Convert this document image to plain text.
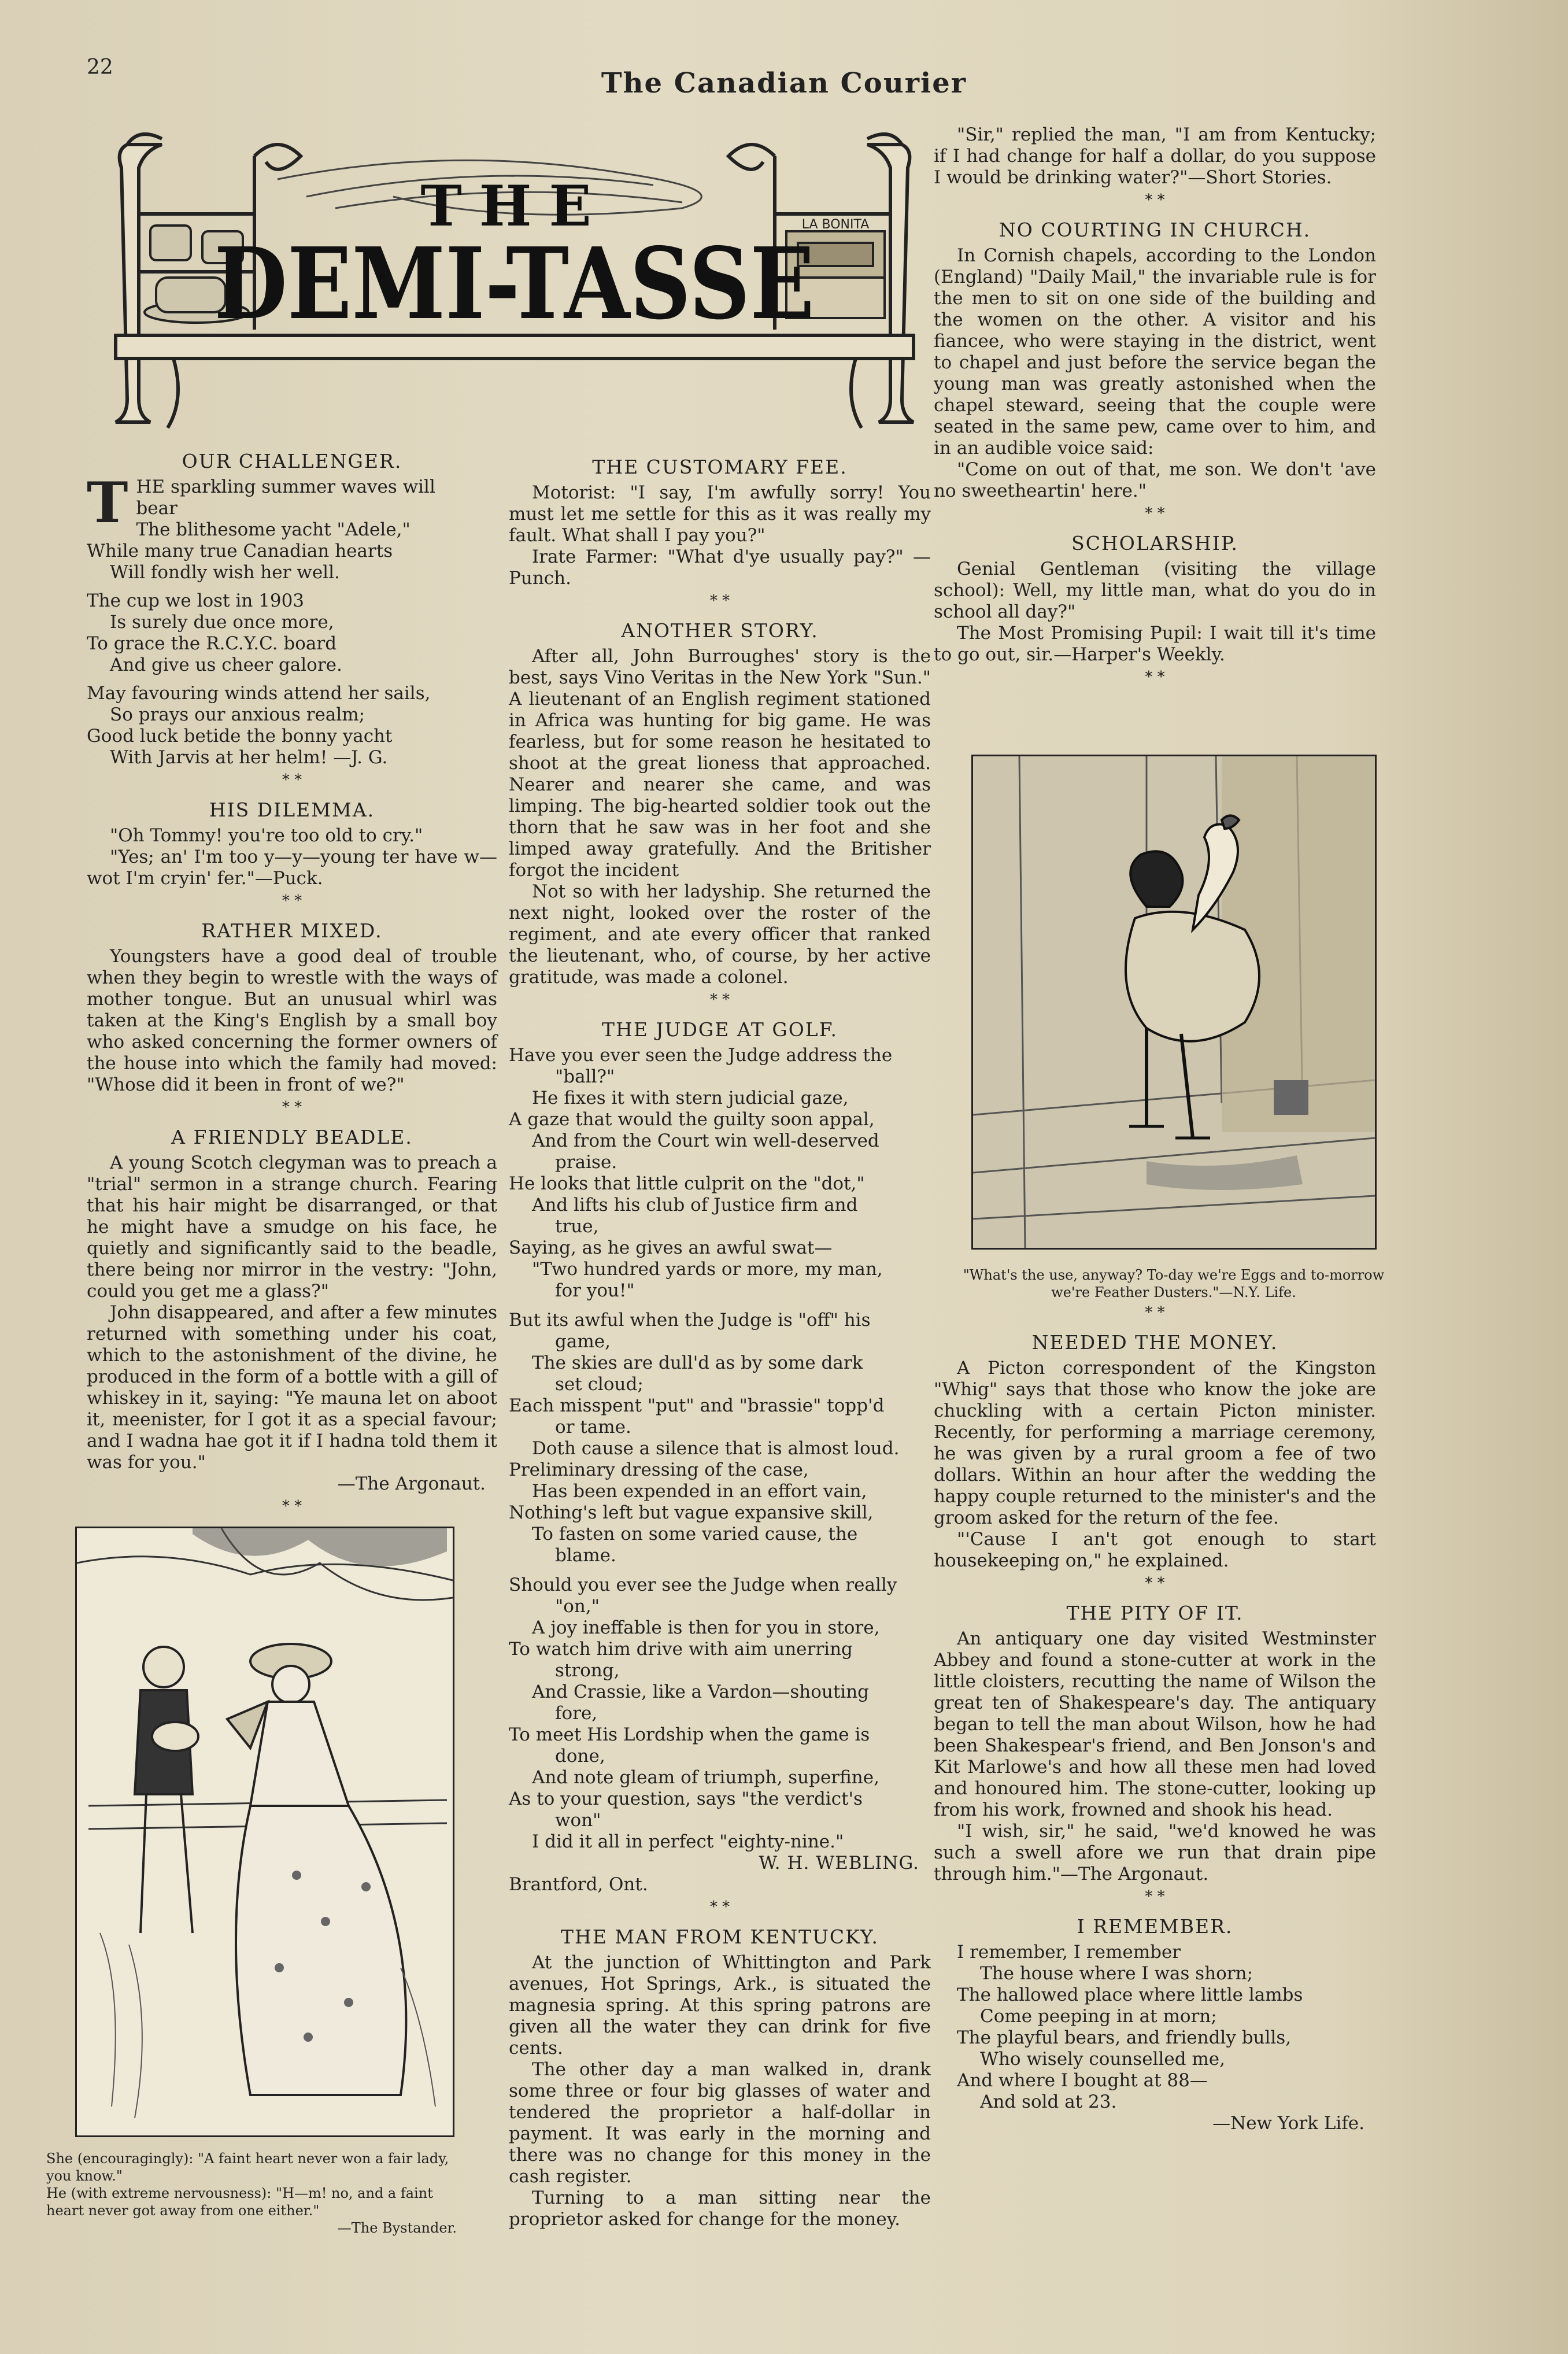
22	The Canadian Courier
LA BONITA
THE
DEMI-TASSE
OUR CHALLENGER.
T HE sparkling summer waves will
bear
The blithesome yacht "Adele,"
While many true Canadian hearts
Will fondly wish her well.
The cup we lost in 1903
Is surely due once more,
To grace the R.C.Y.C. board
And give us cheer galore.
May favouring winds attend her sails,
So prays our anxious realm;
Good luck betide the bonny yacht
With Jarvis at her helm! —J. G.
* *
HIS DILEMMA.

"Oh Tommy! you're too old to cry."

"Yes; an' I'm too y—y—young ter have w—wot I'm cryin' fer."—Puck.

* *
RATHER MIXED.

Youngsters have a good deal of trouble when they begin to wrestle with the ways of mother tongue. But an unusual whirl was taken at the King's English by a small boy who asked concerning the former owners of the house into which the family had moved: "Whose did it been in front of we?"

* *
A FRIENDLY BEADLE.

A young Scotch clegyman was to preach a "trial" sermon in a strange church. Fearing that his hair might be disarranged, or that he might have a smudge on his face, he quietly and significantly said to the beadle, there being nor mirror in the vestry: "John, could you get me a glass?"

John disappeared, and after a few minutes returned with something under his coat, which to the astonishment of the divine, he produced in the form of a bottle with a gill of whiskey in it, saying: "Ye mauna let on aboot it, meenister, for I got it as a special favour; and I wadna hae got it if I hadna told them it was for you."

—The Argonaut.
* *
She (encouragingly): "A faint heart never won a fair lady, you know."
He (with extreme nervousness): "H—m! no, and a faint heart never got away from one either."
—The Bystander.
THE CUSTOMARY FEE.

Motorist: "I say, I'm awfully sorry! You must let me settle for this as it was really my fault. What shall I pay you?"

Irate Farmer: "What d'ye usually pay?" —Punch.

* *
ANOTHER STORY.

After all, John Burroughes' story is the best, says Vino Veritas in the New York "Sun." A lieutenant of an English regiment stationed in Africa was hunting for big game. He was fearless, but for some reason he hesitated to shoot at the great lioness that approached. Nearer and nearer she came, and was limping. The big-hearted soldier took out the thorn that he saw was in her foot and she limped away gratefully. And the Britisher forgot the incident

Not so with her ladyship. She returned the next night, looked over the roster of the regiment, and ate every officer that ranked the lieutenant, who, of course, by her active gratitude, was made a colonel.

* *
THE JUDGE AT GOLF.
Have you ever seen the Judge address the
"ball?"
He fixes it with stern judicial gaze,
A gaze that would the guilty soon appal,
And from the Court win well-deserved
praise.
He looks that little culprit on the "dot,"
And lifts his club of Justice firm and
true,
Saying, as he gives an awful swat—
"Two hundred yards or more, my man,
for you!"
But its awful when the Judge is "off" his
game,
The skies are dull'd as by some dark
set cloud;
Each misspent "put" and "brassie" topp'd
or tame.
Doth cause a silence that is almost loud.
Preliminary dressing of the case,
Has been expended in an effort vain,
Nothing's left but vague expansive skill,
To fasten on some varied cause, the
blame.
Should you ever see the Judge when really
"on,"
A joy ineffable is then for you in store,
To watch him drive with aim unerring
strong,
And Crassie, like a Vardon—shouting
fore,
To meet His Lordship when the game is
done,
And note gleam of triumph, superfine,
As to your question, says "the verdict's
won"
I did it all in perfect "eighty-nine."
W. H. WEBLING.
Brantford, Ont.
* *
THE MAN FROM KENTUCKY.

At the junction of Whittington and Park avenues, Hot Springs, Ark., is situated the magnesia spring. At this spring patrons are given all the water they can drink for five cents.

The other day a man walked in, drank some three or four big glasses of water and tendered the proprietor a half-dollar in payment. It was early in the morning and there was no change for this money in the cash register.

Turning to a man sitting near the proprietor asked for change for the money.

"Sir," replied the man, "I am from Kentucky; if I had change for half a dollar, do you suppose I would be drinking water?"—Short Stories.

* *
NO COURTING IN CHURCH.

In Cornish chapels, according to the London (England) "Daily Mail," the invariable rule is for the men to sit on one side of the building and the women on the other. A visitor and his fiancee, who were staying in the district, went to chapel and just before the service began the young man was greatly astonished when the chapel steward, seeing that the couple were seated in the same pew, came over to him, and in an audible voice said:

"Come on out of that, me son. We don't 'ave no sweetheartin' here."

* *
SCHOLARSHIP.

Genial Gentleman (visiting the village school): Well, my little man, what do you do in school all day?"

The Most Promising Pupil: I wait till it's time to go out, sir.—Harper's Weekly.

* *
"What's the use, anyway? To-day we're Eggs and to-morrow we're Feather Dusters."—N.Y. Life.
* *
NEEDED THE MONEY.

A Picton correspondent of the Kingston "Whig" says that those who know the joke are chuckling with a certain Picton minister. Recently, for performing a marriage ceremony, he was given by a rural groom a fee of two dollars. Within an hour after the wedding the happy couple returned to the minister's and the groom asked for the return of the fee.

"'Cause I an't got enough to start housekeeping on," he explained.

* *
THE PITY OF IT.

An antiquary one day visited Westminster Abbey and found a stone-cutter at work in the little cloisters, recutting the name of Wilson the great ten of Shakespeare's day. The antiquary began to tell the man about Wilson, how he had been Shakespear's friend, and Ben Jonson's and Kit Marlowe's and how all these men had loved and honoured him. The stone-cutter, looking up from his work, frowned and shook his head.

"I wish, sir," he said, "we'd knowed he was such a swell afore we run that drain pipe through him."—The Argonaut.

* *
I REMEMBER.
I remember, I remember
The house where I was shorn;
The hallowed place where little lambs
Come peeping in at morn;
The playful bears, and friendly bulls,
Who wisely counselled me,
And where I bought at 88—
And sold at 23.
—New York Life.
